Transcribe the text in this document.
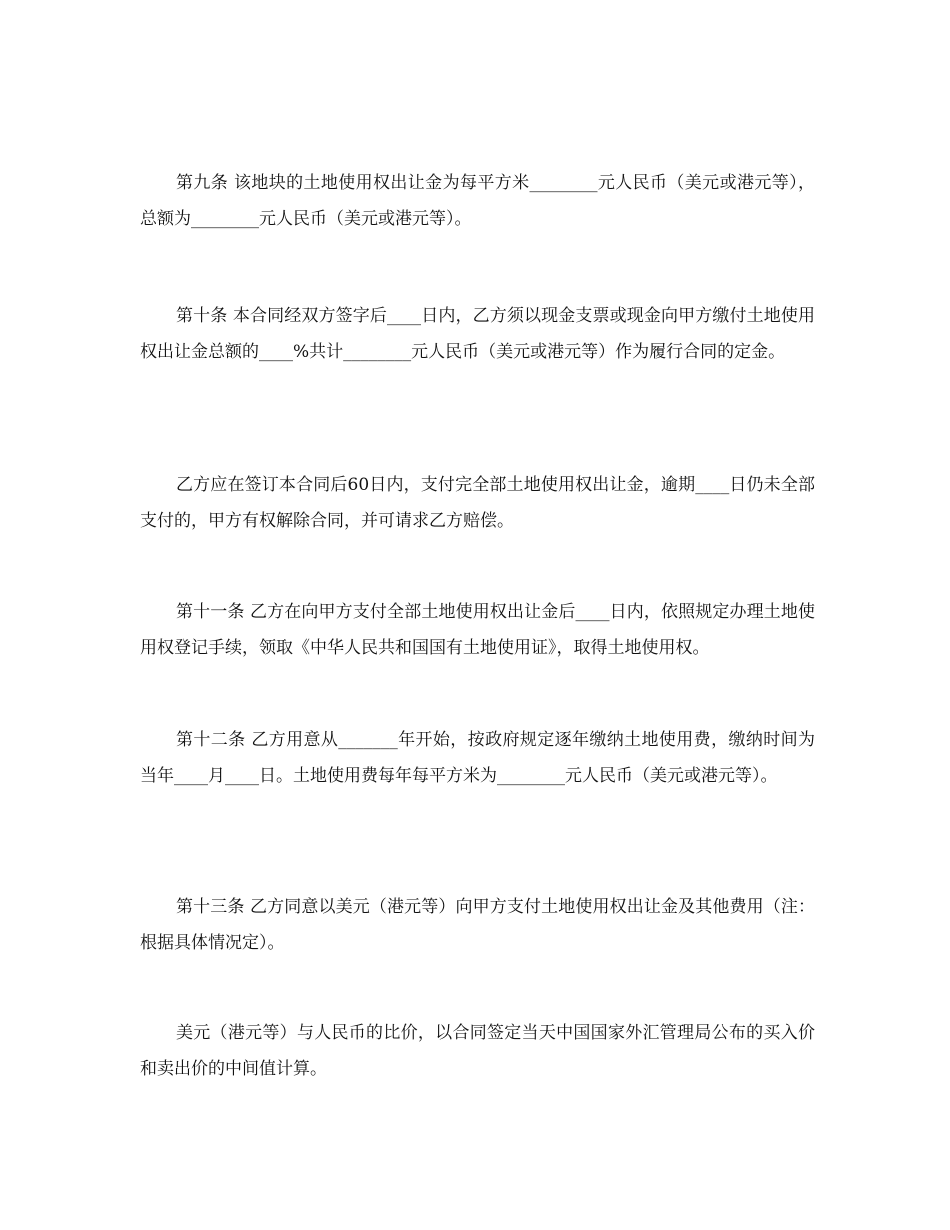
第九条 该地块的土地使用权出让金为每平方米________元人民币（美元或港元等），总额为________元人民币（美元或港元等）。

第十条 本合同经双方签字后____日内，乙方须以现金支票或现金向甲方缴付土地使用权出让金总额的____%共计________元人民币（美元或港元等）作为履行合同的定金。

乙方应在签订本合同后60日内，支付完全部土地使用权出让金，逾期____日仍未全部支付的，甲方有权解除合同，并可请求乙方赔偿。

第十一条 乙方在向甲方支付全部土地使用权出让金后____日内，依照规定办理土地使用权登记手续，领取《中华人民共和国国有土地使用证》，取得土地使用权。

第十二条 乙方用意从_______年开始，按政府规定逐年缴纳土地使用费，缴纳时间为当年____月____日。土地使用费每年每平方米为________元人民币（美元或港元等）。

第十三条 乙方同意以美元（港元等）向甲方支付土地使用权出让金及其他费用（注：根据具体情况定）。

美元（港元等）与人民币的比价，以合同签定当天中国国家外汇管理局公布的买入价和卖出价的中间值计算。
